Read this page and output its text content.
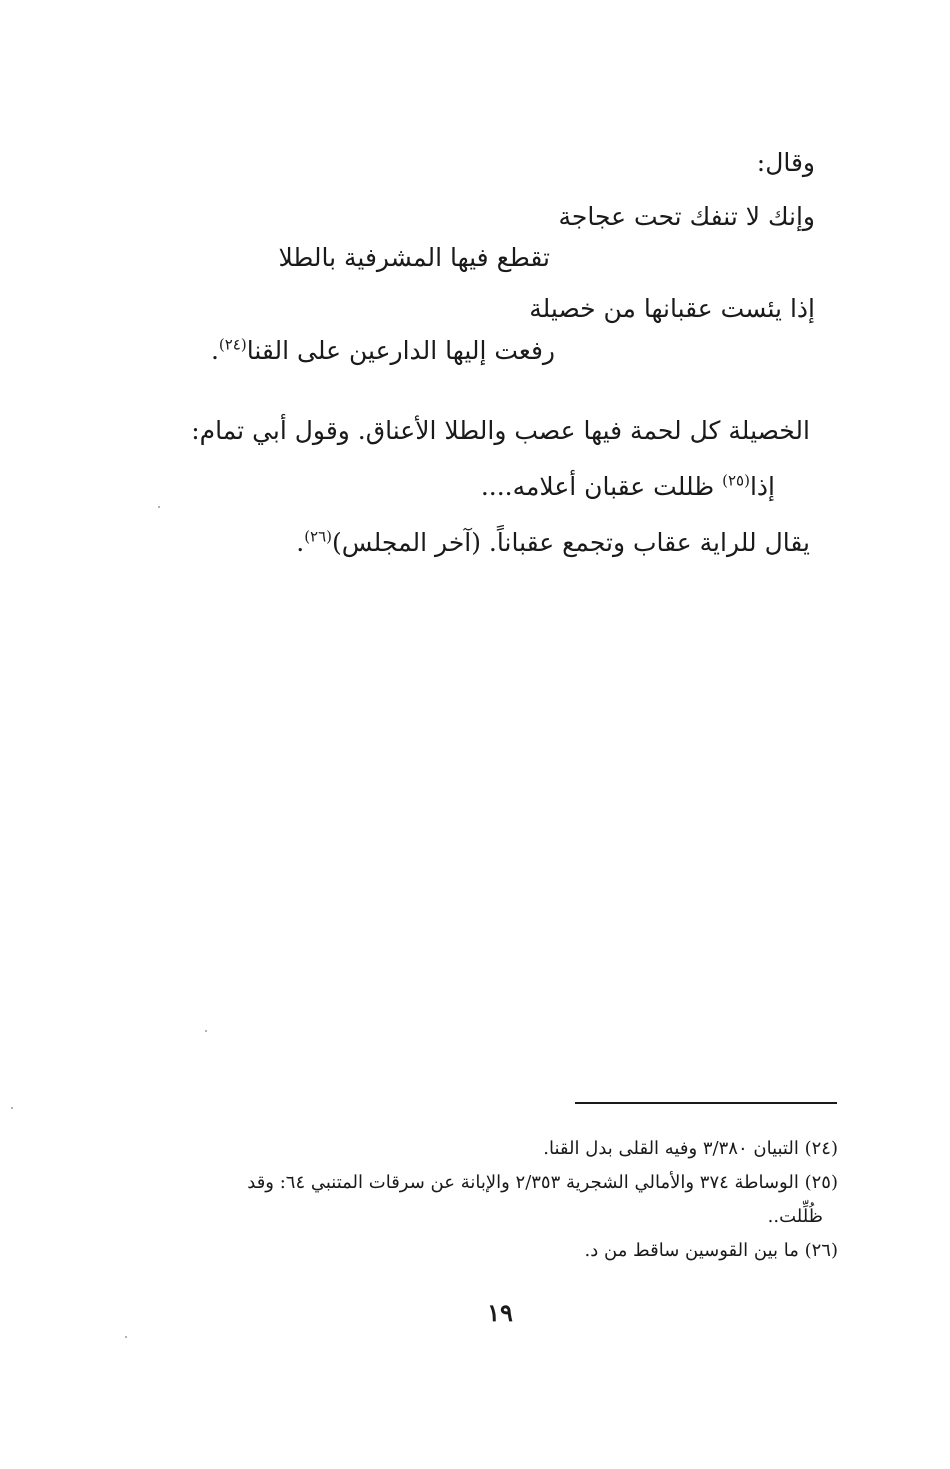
وقال:
وإنك لا تنفك تحت عجاجة
تقطع فيها المشرفية بالطلا
إذا يئست عقبانها من خصيلة
رفعت إليها الدارعين على القنا$^{(٢٤)}$.
الخصيلة كل لحمة فيها عصب والطلا الأعناق. وقول أبي تمام:
إذا$^{(٢٥)}$ ظللت عقبان أعلامه....
يقال للراية عقاب وتجمع عقباناً. (آخر المجلس)$^{(٢٦)}$.
(٢٤) التبيان ٣/٣٨٠ وفيه القلى بدل القنا.
(٢٥) الوساطة ٣٧٤ والأمالي الشجرية ٢/٣٥٣ والإبانة عن سرقات المتنبي ٦٤: وقد
ظُلِّلت..
(٢٦) ما بين القوسين ساقط من د.
١٩
